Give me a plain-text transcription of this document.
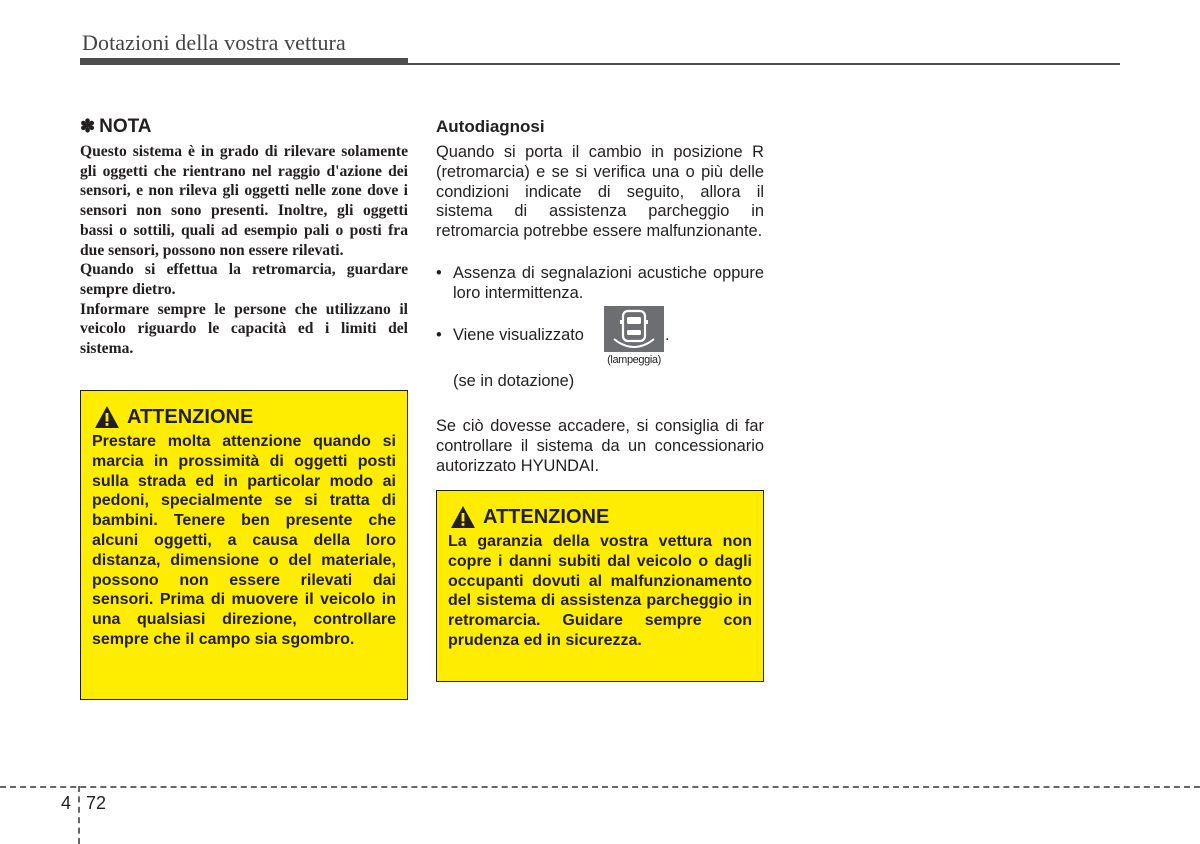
Dotazioni della vostra vettura
✽ NOTA

Questo sistema è in grado di rilevare solamente gli oggetti che rientrano nel raggio d'azione dei sensori, e non rileva gli oggetti nelle zone dove i sensori non sono presenti. Inoltre, gli oggetti bassi o sottili, quali ad esempio pali o posti fra due sensori, possono non essere rilevati.

Quando si effettua la retromarcia, guardare sempre dietro.

Informare sempre le persone che utilizzano il veicolo riguardo le capacità ed i limiti del sistema.

ATTENZIONE
Prestare molta attenzione quando si marcia in prossimità di oggetti posti sulla strada ed in particolar modo ai pedoni, specialmente se si tratta di bambini. Tenere ben presente che alcuni oggetti, a causa della loro distanza, dimensione o del materiale, possono non essere rilevati dai sensori. Prima di muovere il veicolo in una qualsiasi direzione, controllare sempre che il campo sia sgombro.
Autodiagnosi
Quando si porta il cambio in posizione R (retromarcia) e se si verifica una o più delle condizioni indicate di seguito, allora il sistema di assistenza parcheggio in retromarcia potrebbe essere malfunzionante.
• Assenza di segnalazioni acustiche oppure loro intermittenza.
• Viene visualizzato	.
(lampeggia)
(se in dotazione)
Se ciò dovesse accadere, si consiglia di far controllare il sistema da un concessionario autorizzato HYUNDAI.
ATTENZIONE
La garanzia della vostra vettura non copre i danni subiti dal veicolo o dagli occupanti dovuti al malfunzionamento del sistema di assistenza parcheggio in retromarcia. Guidare sempre con prudenza ed in sicurezza.
4 72
